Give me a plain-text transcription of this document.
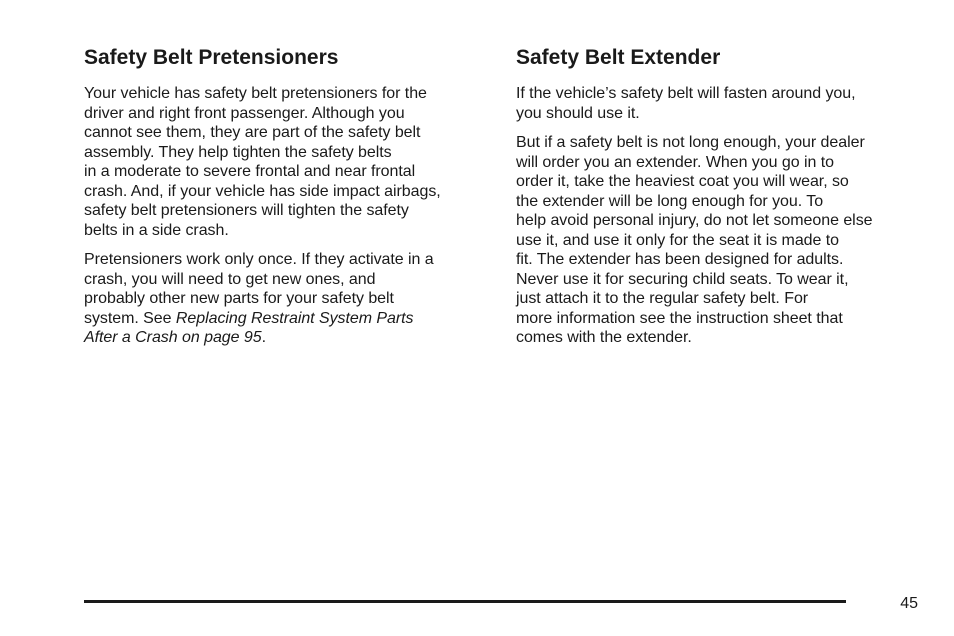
Safety Belt Pretensioners

Your vehicle has safety belt pretensioners for the
driver and right front passenger. Although you
cannot see them, they are part of the safety belt
assembly. They help tighten the safety belts
in a moderate to severe frontal and near frontal
crash. And, if your vehicle has side impact airbags,
safety belt pretensioners will tighten the safety
belts in a side crash.

Pretensioners work only once. If they activate in a
crash, you will need to get new ones, and
probably other new parts for your safety belt
system. See Replacing Restraint System Parts
After a Crash on page 95.

Safety Belt Extender

If the vehicle’s safety belt will fasten around you,
you should use it.

But if a safety belt is not long enough, your dealer
will order you an extender. When you go in to
order it, take the heaviest coat you will wear, so
the extender will be long enough for you. To
help avoid personal injury, do not let someone else
use it, and use it only for the seat it is made to
fit. The extender has been designed for adults.
Never use it for securing child seats. To wear it,
just attach it to the regular safety belt. For
more information see the instruction sheet that
comes with the extender.

45
